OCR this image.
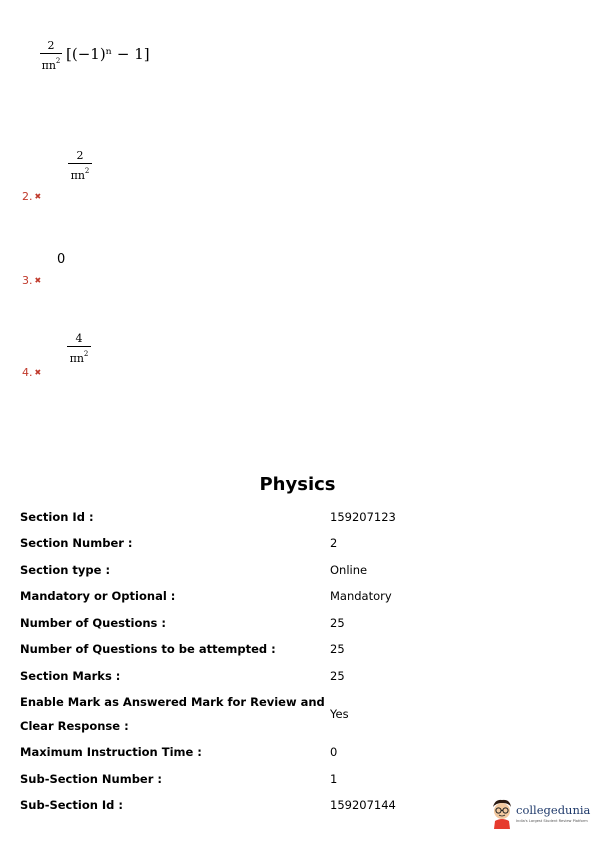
2
$\pi n^2$ [(−1)ⁿ − 1]
2
$\pi n^2$
2. ✖
0
3. ✖
4
$\pi n^2$
4. ✖
Physics
Section Id :	159207123
Section Number :	2
Section type :	Online
Mandatory or Optional :	Mandatory
Number of Questions :	25
Number of Questions to be attempted :	25
Section Marks :	25
Enable Mark as Answered Mark for Review and
Clear Response :
Yes
Maximum Instruction Time :	0
Sub-Section Number :	1
Sub-Section Id :	159207144	collegedunia
India's Largest Student Review Platform
